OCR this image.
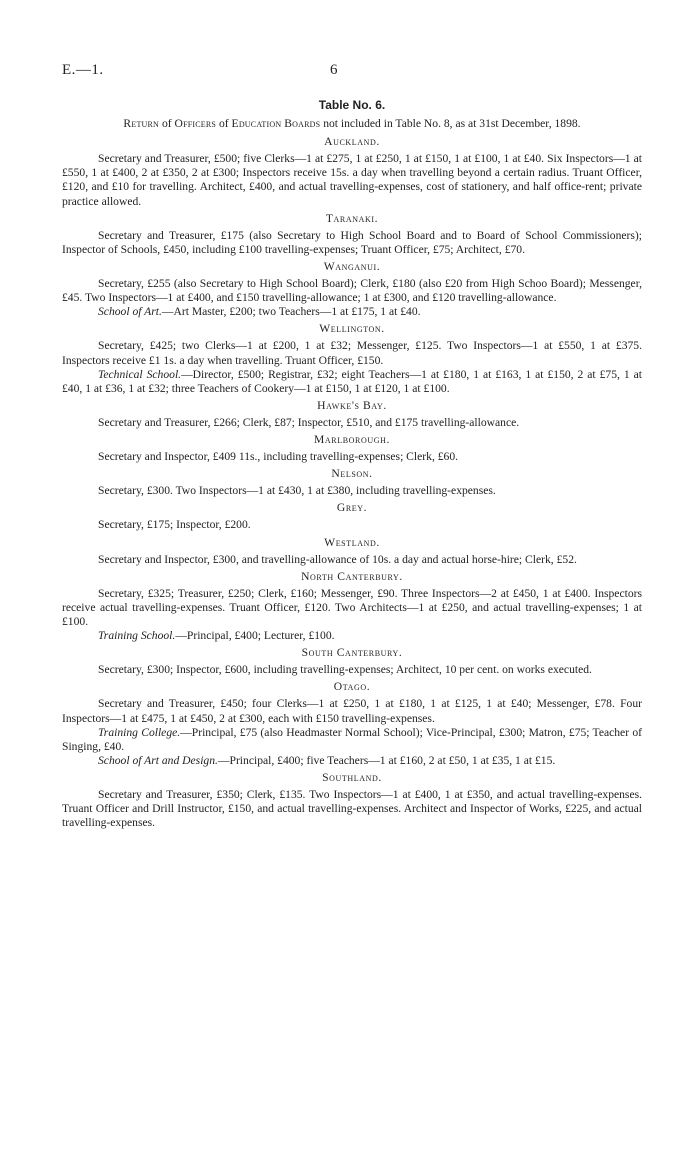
E.—1.	6
Table No. 6.
Return of Officers of Education Boards not included in Table No. 8, as at 31st December, 1898.
Auckland.

Secretary and Treasurer, £500; five Clerks—1 at £275, 1 at £250, 1 at £150, 1 at £100, 1 at £40. Six Inspectors—1 at £550, 1 at £400, 2 at £350, 2 at £300; Inspectors receive 15s. a day when travelling beyond a certain radius. Truant Officer, £120, and £10 for travelling. Architect, £400, and actual travelling-expenses, cost of stationery, and half office-rent; private practice allowed.

Taranaki.

Secretary and Treasurer, £175 (also Secretary to High School Board and to Board of School Commissioners); Inspector of Schools, £450, including £100 travelling-expenses; Truant Officer, £75; Architect, £70.

Wanganui.

Secretary, £255 (also Secretary to High School Board); Clerk, £180 (also £20 from High Schoo Board); Messenger, £45. Two Inspectors—1 at £400, and £150 travelling-allowance; 1 at £300, and £120 travelling-allowance.

School of Art.—Art Master, £200; two Teachers—1 at £175, 1 at £40.

Wellington.

Secretary, £425; two Clerks—1 at £200, 1 at £32; Messenger, £125. Two Inspectors—1 at £550, 1 at £375. Inspectors receive £1 1s. a day when travelling. Truant Officer, £150.

Technical School.—Director, £500; Registrar, £32; eight Teachers—1 at £180, 1 at £163, 1 at £150, 2 at £75, 1 at £40, 1 at £36, 1 at £32; three Teachers of Cookery—1 at £150, 1 at £120, 1 at £100.

Hawke's Bay.

Secretary and Treasurer, £266; Clerk, £87; Inspector, £510, and £175 travelling-allowance.

Marlborough.

Secretary and Inspector, £409 11s., including travelling-expenses; Clerk, £60.

Nelson.

Secretary, £300. Two Inspectors—1 at £430, 1 at £380, including travelling-expenses.

Grey.

Secretary, £175; Inspector, £200.

Westland.

Secretary and Inspector, £300, and travelling-allowance of 10s. a day and actual horse-hire; Clerk, £52.

North Canterbury.

Secretary, £325; Treasurer, £250; Clerk, £160; Messenger, £90. Three Inspectors—2 at £450, 1 at £400. Inspectors receive actual travelling-expenses. Truant Officer, £120. Two Architects—1 at £250, and actual travelling-expenses; 1 at £100.

Training School.—Principal, £400; Lecturer, £100.

South Canterbury.

Secretary, £300; Inspector, £600, including travelling-expenses; Architect, 10 per cent. on works executed.

Otago.

Secretary and Treasurer, £450; four Clerks—1 at £250, 1 at £180, 1 at £125, 1 at £40; Messenger, £78. Four Inspectors—1 at £475, 1 at £450, 2 at £300, each with £150 travelling-expenses.

Training College.—Principal, £75 (also Headmaster Normal School); Vice-Principal, £300; Matron, £75; Teacher of Singing, £40.

School of Art and Design.—Principal, £400; five Teachers—1 at £160, 2 at £50, 1 at £35, 1 at £15.

Southland.

Secretary and Treasurer, £350; Clerk, £135. Two Inspectors—1 at £400, 1 at £350, and actual travelling-expenses. Truant Officer and Drill Instructor, £150, and actual travelling-expenses. Architect and Inspector of Works, £225, and actual travelling-expenses.
